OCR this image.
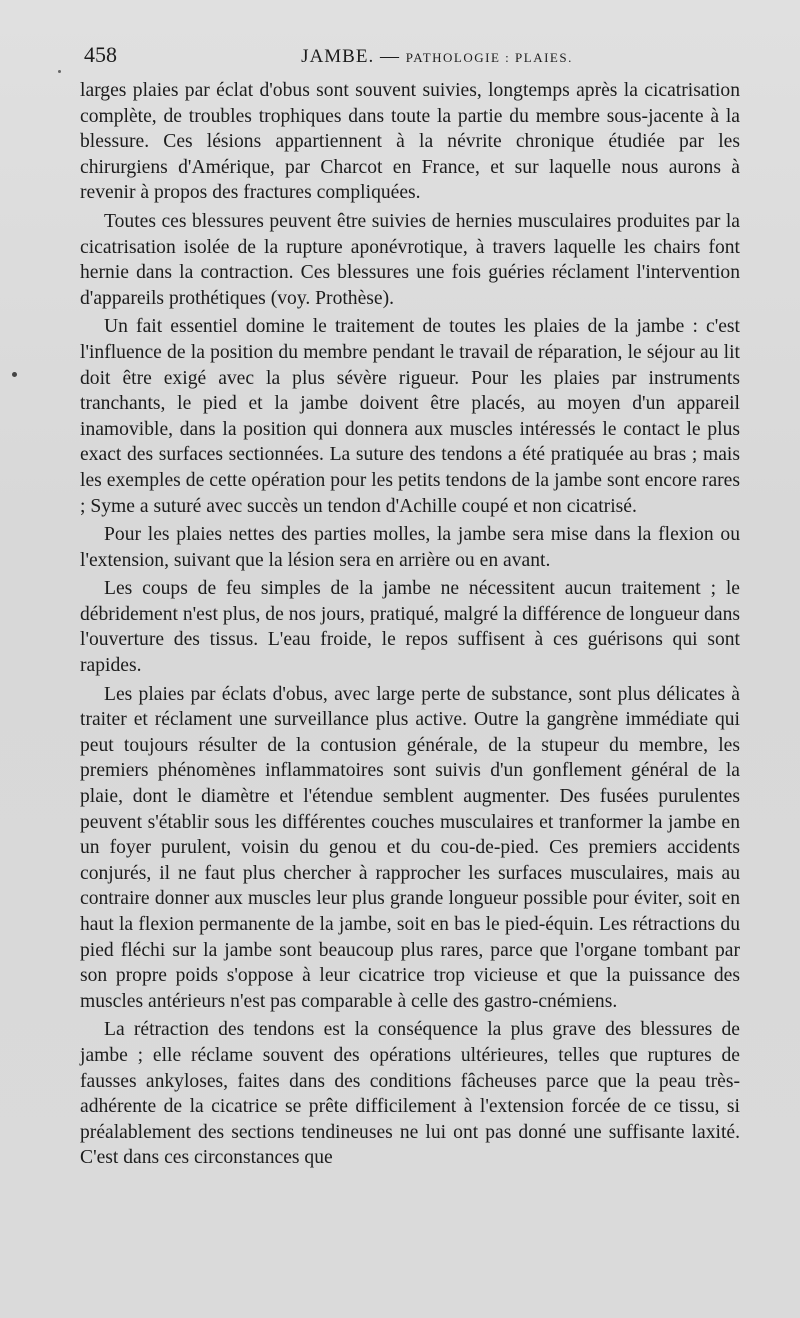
458	JAMBE. — PATHOLOGIE : PLAIES.

larges plaies par éclat d'obus sont souvent suivies, longtemps après la cicatrisation complète, de troubles trophiques dans toute la partie du membre sous-jacente à la blessure. Ces lésions appartiennent à la névrite chronique étudiée par les chirurgiens d'Amérique, par Charcot en France, et sur laquelle nous aurons à revenir à propos des fractures compliquées.

Toutes ces blessures peuvent être suivies de hernies musculaires produites par la cicatrisation isolée de la rupture aponévrotique, à travers laquelle les chairs font hernie dans la contraction. Ces blessures une fois guéries réclament l'intervention d'appareils prothétiques (voy. Prothèse).

Un fait essentiel domine le traitement de toutes les plaies de la jambe : c'est l'influence de la position du membre pendant le travail de réparation, le séjour au lit doit être exigé avec la plus sévère rigueur. Pour les plaies par instruments tranchants, le pied et la jambe doivent être placés, au moyen d'un appareil inamovible, dans la position qui donnera aux muscles intéressés le contact le plus exact des surfaces sectionnées. La suture des tendons a été pratiquée au bras ; mais les exemples de cette opération pour les petits tendons de la jambe sont encore rares ; Syme a suturé avec succès un tendon d'Achille coupé et non cicatrisé.

Pour les plaies nettes des parties molles, la jambe sera mise dans la flexion ou l'extension, suivant que la lésion sera en arrière ou en avant.

Les coups de feu simples de la jambe ne nécessitent aucun traitement ; le débridement n'est plus, de nos jours, pratiqué, malgré la différence de longueur dans l'ouverture des tissus. L'eau froide, le repos suffisent à ces guérisons qui sont rapides.

Les plaies par éclats d'obus, avec large perte de substance, sont plus délicates à traiter et réclament une surveillance plus active. Outre la gangrène immédiate qui peut toujours résulter de la contusion générale, de la stupeur du membre, les premiers phénomènes inflammatoires sont suivis d'un gonflement général de la plaie, dont le diamètre et l'étendue semblent augmenter. Des fusées purulentes peuvent s'établir sous les différentes couches musculaires et tranformer la jambe en un foyer purulent, voisin du genou et du cou-de-pied. Ces premiers accidents conjurés, il ne faut plus chercher à rapprocher les surfaces musculaires, mais au contraire donner aux muscles leur plus grande longueur possible pour éviter, soit en haut la flexion permanente de la jambe, soit en bas le pied-équin. Les rétractions du pied fléchi sur la jambe sont beaucoup plus rares, parce que l'organe tombant par son propre poids s'oppose à leur cicatrice trop vicieuse et que la puissance des muscles antérieurs n'est pas comparable à celle des gastro-cnémiens.

La rétraction des tendons est la conséquence la plus grave des blessures de jambe ; elle réclame souvent des opérations ultérieures, telles que ruptures de fausses ankyloses, faites dans des conditions fâcheuses parce que la peau très-adhérente de la cicatrice se prête difficilement à l'extension forcée de ce tissu, si préalablement des sections tendineuses ne lui ont pas donné une suffisante laxité. C'est dans ces circonstances que
